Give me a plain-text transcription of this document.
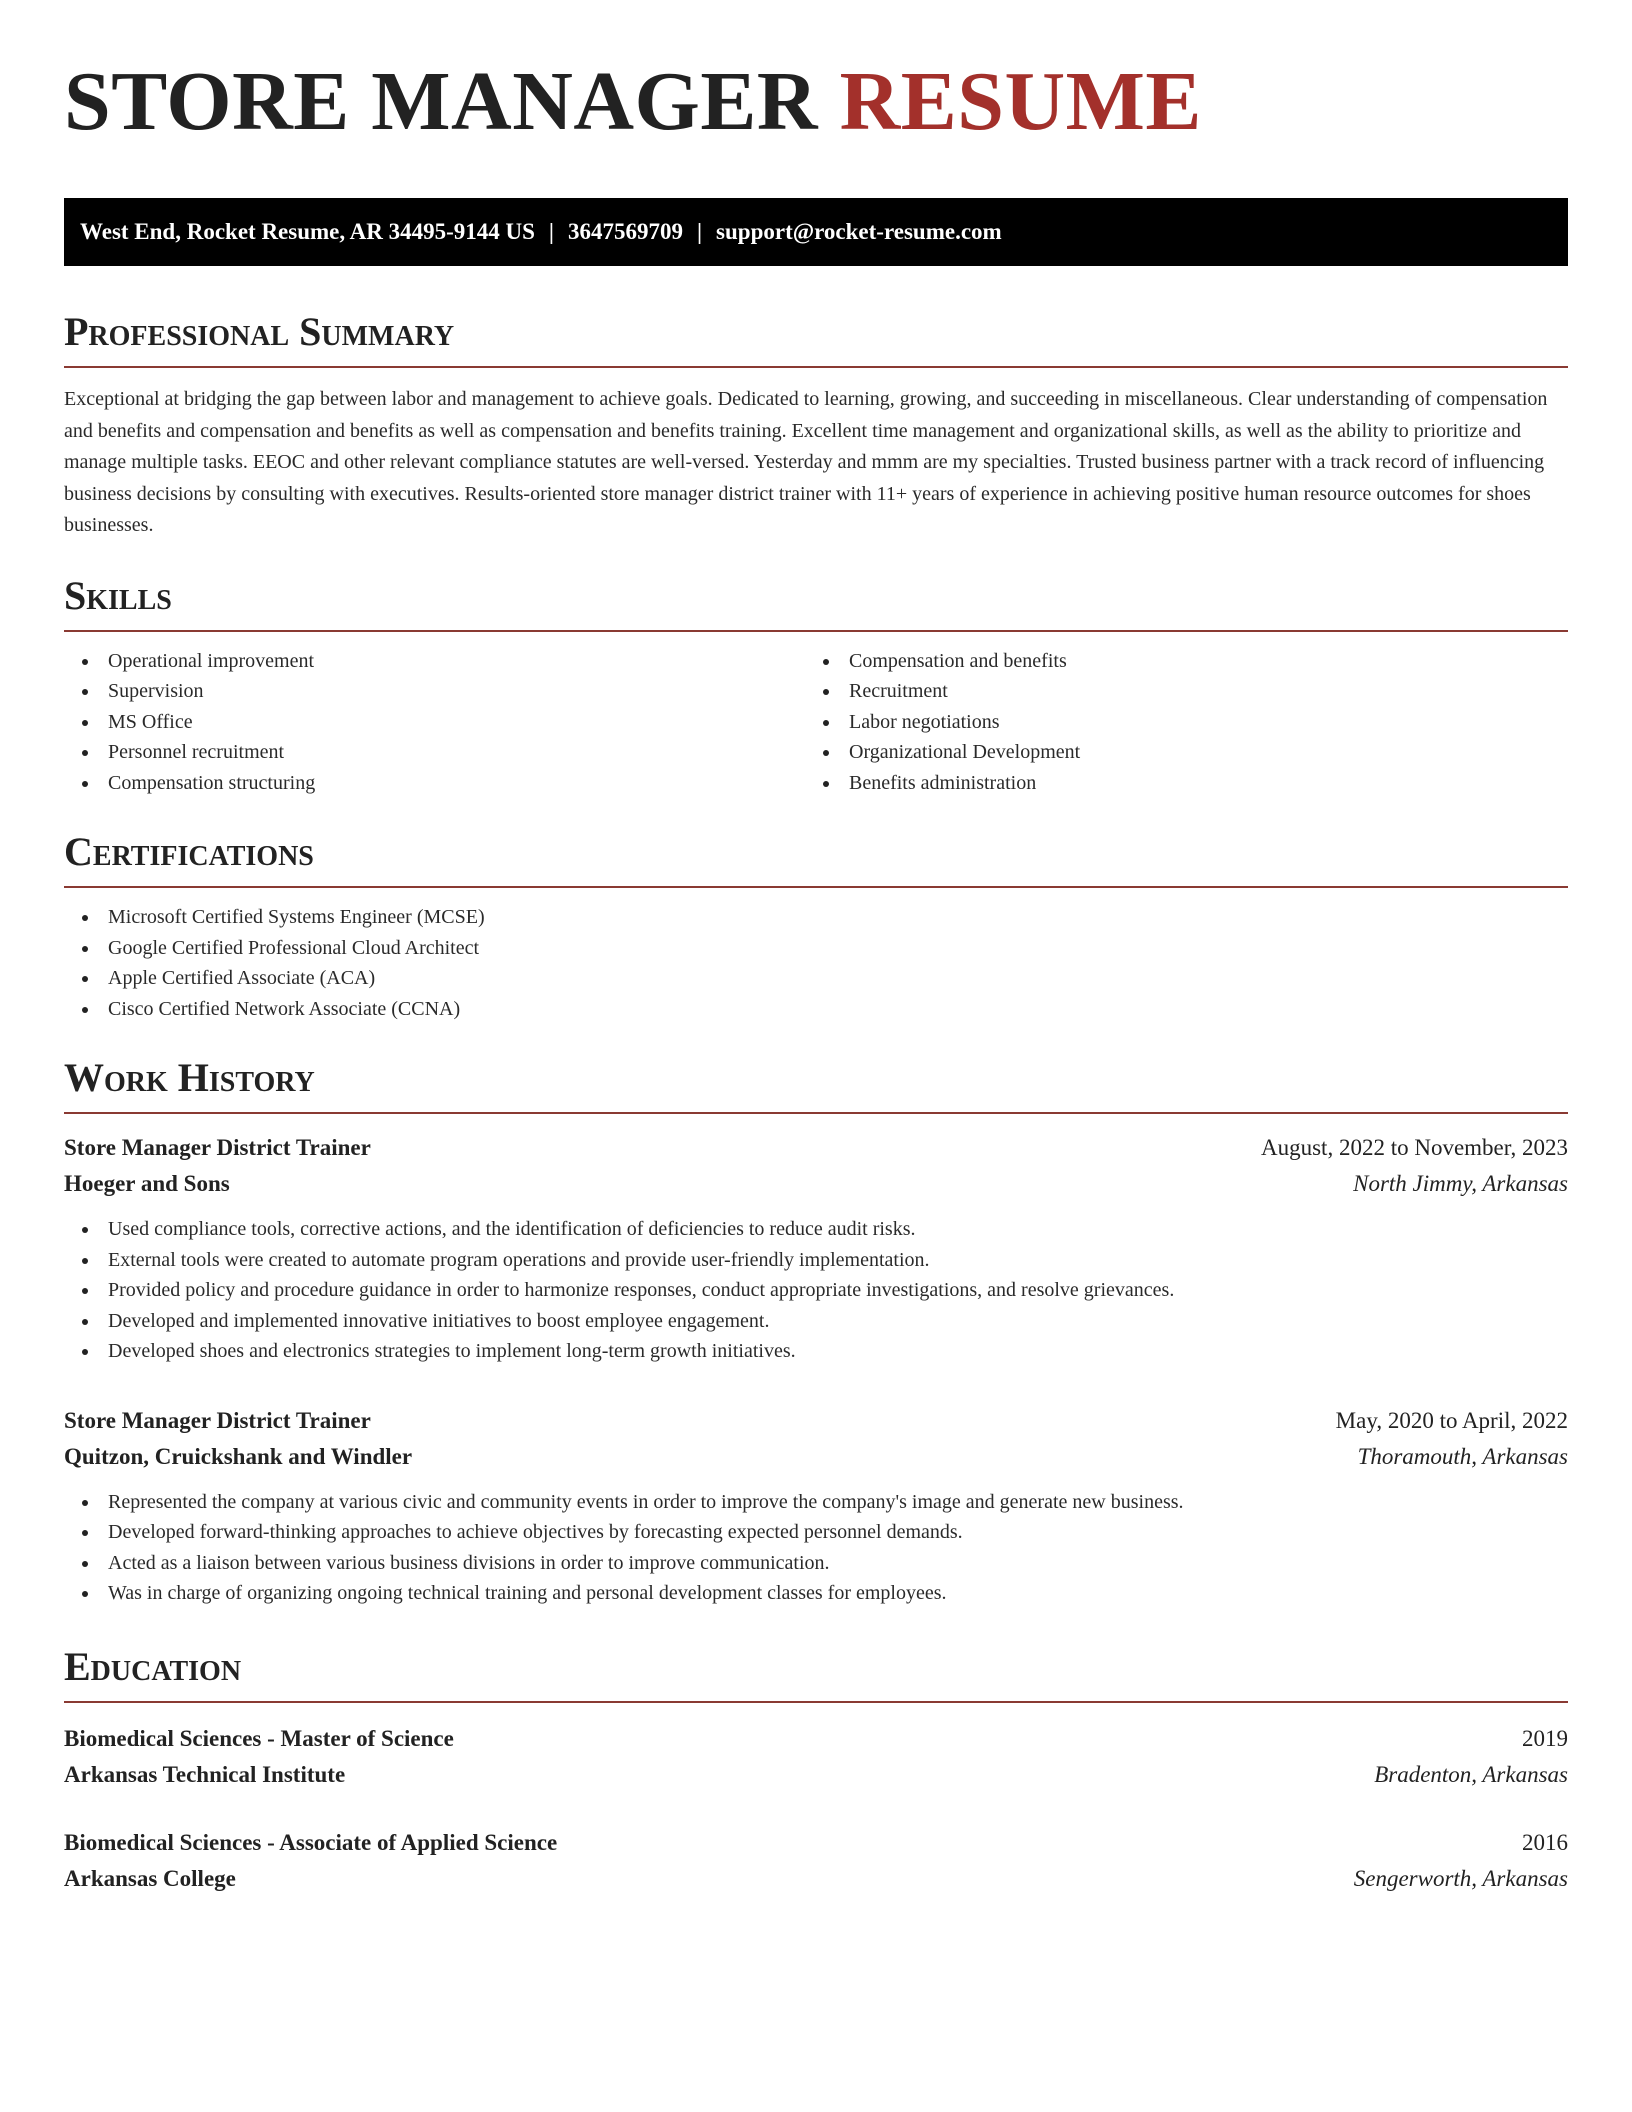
STORE MANAGER RESUME
West End, Rocket Resume, AR 34495-9144 US | 3647569709 | support@rocket-resume.com
Professional Summary
Exceptional at bridging the gap between labor and management to achieve goals. Dedicated to learning, growing, and succeeding in miscellaneous. Clear understanding of compensation and benefits and compensation and benefits as well as compensation and benefits training. Excellent time management and organizational skills, as well as the ability to prioritize and manage multiple tasks. EEOC and other relevant compliance statutes are well-versed. Yesterday and mmm are my specialties. Trusted business partner with a track record of influencing business decisions by consulting with executives. Results-oriented store manager district trainer with 11+ years of experience in achieving positive human resource outcomes for shoes businesses.
Skills
Operational improvement
Supervision
MS Office
Personnel recruitment
Compensation structuring
Compensation and benefits
Recruitment
Labor negotiations
Organizational Development
Benefits administration
Certifications
Microsoft Certified Systems Engineer (MCSE)
Google Certified Professional Cloud Architect
Apple Certified Associate (ACA)
Cisco Certified Network Associate (CCNA)
Work History
Store Manager District Trainer	August, 2022 to November, 2023
Hoeger and Sons	North Jimmy, Arkansas
Used compliance tools, corrective actions, and the identification of deficiencies to reduce audit risks.
External tools were created to automate program operations and provide user-friendly implementation.
Provided policy and procedure guidance in order to harmonize responses, conduct appropriate investigations, and resolve grievances.
Developed and implemented innovative initiatives to boost employee engagement.
Developed shoes and electronics strategies to implement long-term growth initiatives.
Store Manager District Trainer	May, 2020 to April, 2022
Quitzon, Cruickshank and Windler	Thoramouth, Arkansas
Represented the company at various civic and community events in order to improve the company's image and generate new business.
Developed forward-thinking approaches to achieve objectives by forecasting expected personnel demands.
Acted as a liaison between various business divisions in order to improve communication.
Was in charge of organizing ongoing technical training and personal development classes for employees.
Education
Biomedical Sciences - Master of Science	2019
Arkansas Technical Institute	Bradenton, Arkansas
Biomedical Sciences - Associate of Applied Science	2016
Arkansas College	Sengerworth, Arkansas
